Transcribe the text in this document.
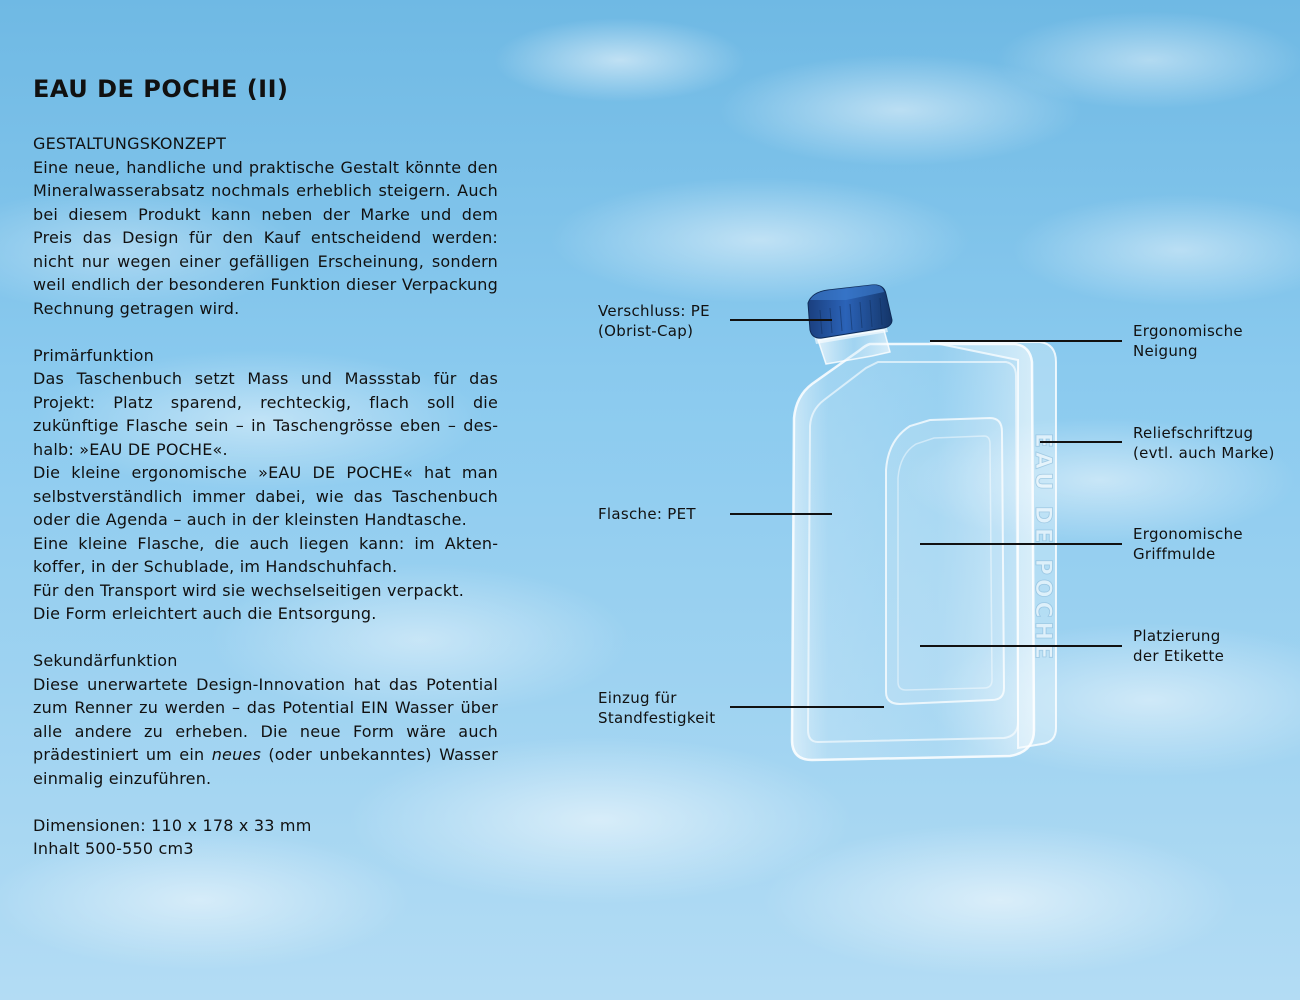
EAU DE POCHE (II)

GESTALTUNGSKONZEPT

Eine neue, handliche und praktische Gestalt könnte den Mineralwasserabsatz nochmals erheblich steigern. Auch bei diesem Produkt kann neben der Marke und dem Preis das Design für den Kauf entscheidend werden: nicht nur wegen einer gefälligen Erscheinung, sondern weil endlich der besonderen Funktion dieser Verpackung Rechnung getragen wird.

Primärfunktion

Das Taschenbuch setzt Mass und Massstab für das Projekt: Platz sparend, rechteckig, flach soll die zukünftige Flasche sein – in Taschengrösse eben – deshalb: »EAU DE POCHE«.

Die kleine ergonomische »EAU DE POCHE« hat man selbstverständlich immer dabei, wie das Taschenbuch oder die Agenda – auch in der kleinsten Handtasche.

Eine kleine Flasche, die auch liegen kann: im Aktenkoffer, in der Schublade, im Handschuhfach.

Für den Transport wird sie wechselseitigen verpackt.

Die Form erleichtert auch die Entsorgung.

Sekundärfunktion

Diese unerwartete Design-Innovation hat das Potential zum Renner zu werden – das Potential EIN Wasser über alle andere zu erheben. Die neue Form wäre auch prädestiniert um ein neues (oder unbekanntes) Wasser einmalig einzuführen.

Dimensionen: 110 x 178 x 33 mm

Inhalt 500-550 cm3

EAU DE POCHE
Verschluss: PE
(Obrist-Cap)
Flasche: PET
Einzug für
Standfestigkeit
Ergonomische
Neigung
Reliefschriftzug
(evtl. auch Marke)
Ergonomische
Griffmulde
Platzierung
der Etikette
